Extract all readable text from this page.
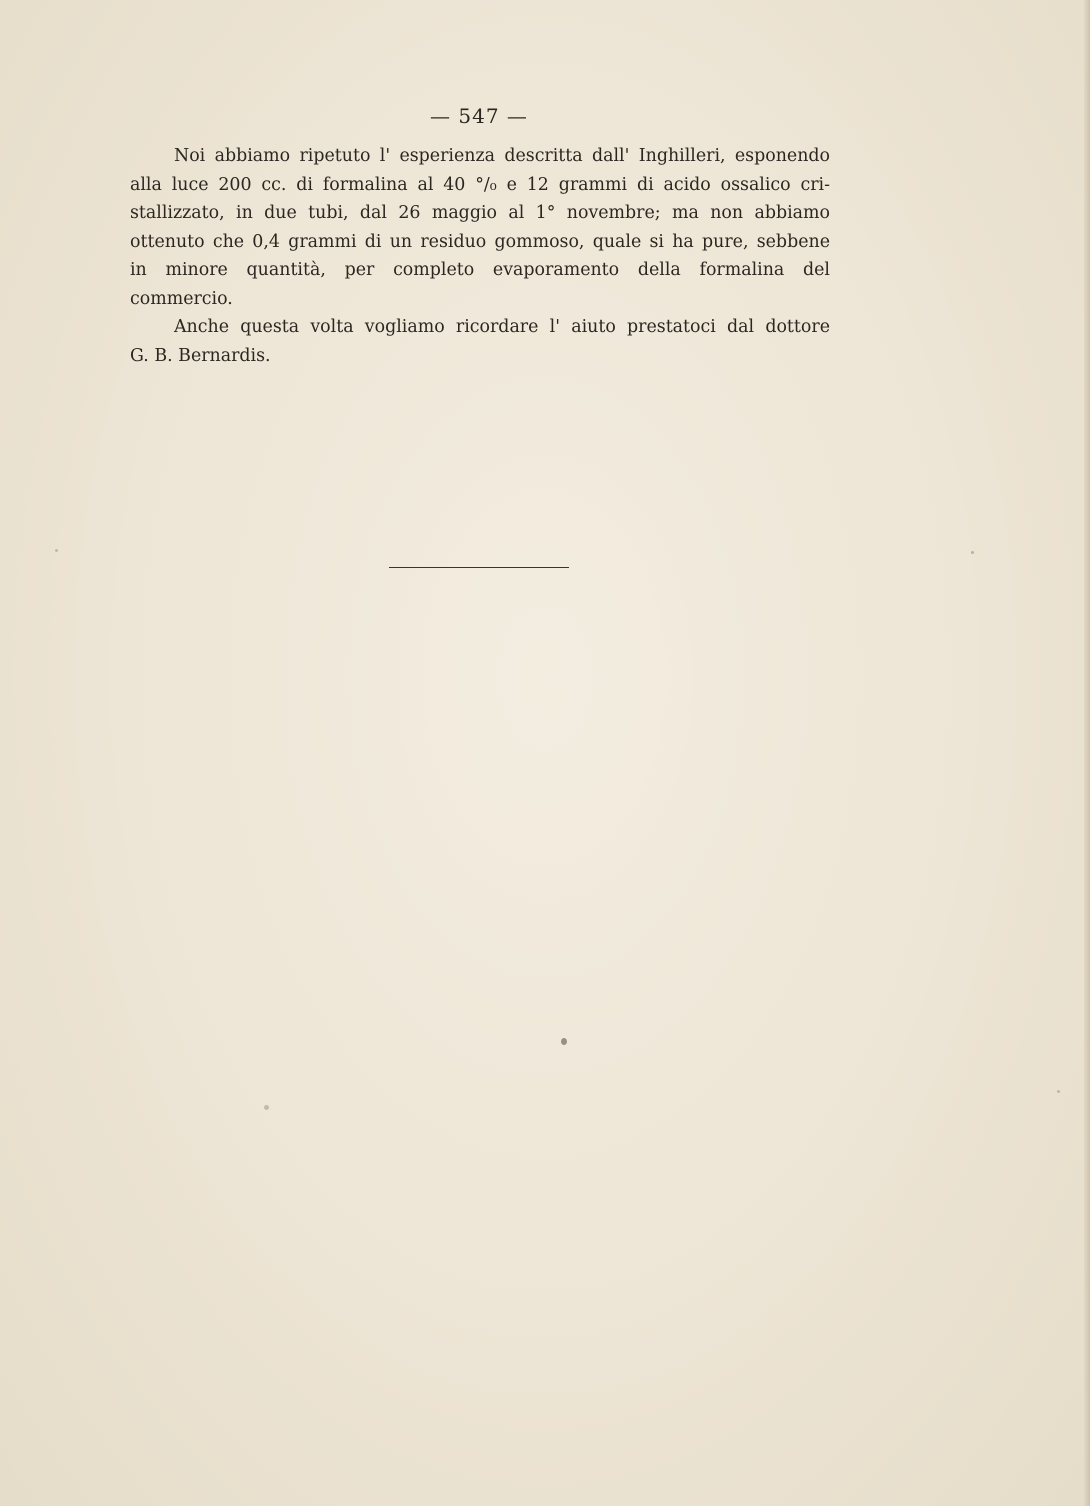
— 547 —

Noi abbiamo ripetuto l' esperienza descritta dall' Inghilleri, esponendo
alla luce 200 cc. di formalina al 40 °/₀ e 12 grammi di acido ossalico cri-
stallizzato, in due tubi, dal 26 maggio al 1° novembre; ma non abbiamo
ottenuto che 0,4 grammi di un residuo gommoso, quale si ha pure, sebbene
in minore quantità, per completo evaporamento della formalina del commercio.

Anche questa volta vogliamo ricordare l' aiuto prestatoci dal dottore
G. B. Bernardis.
